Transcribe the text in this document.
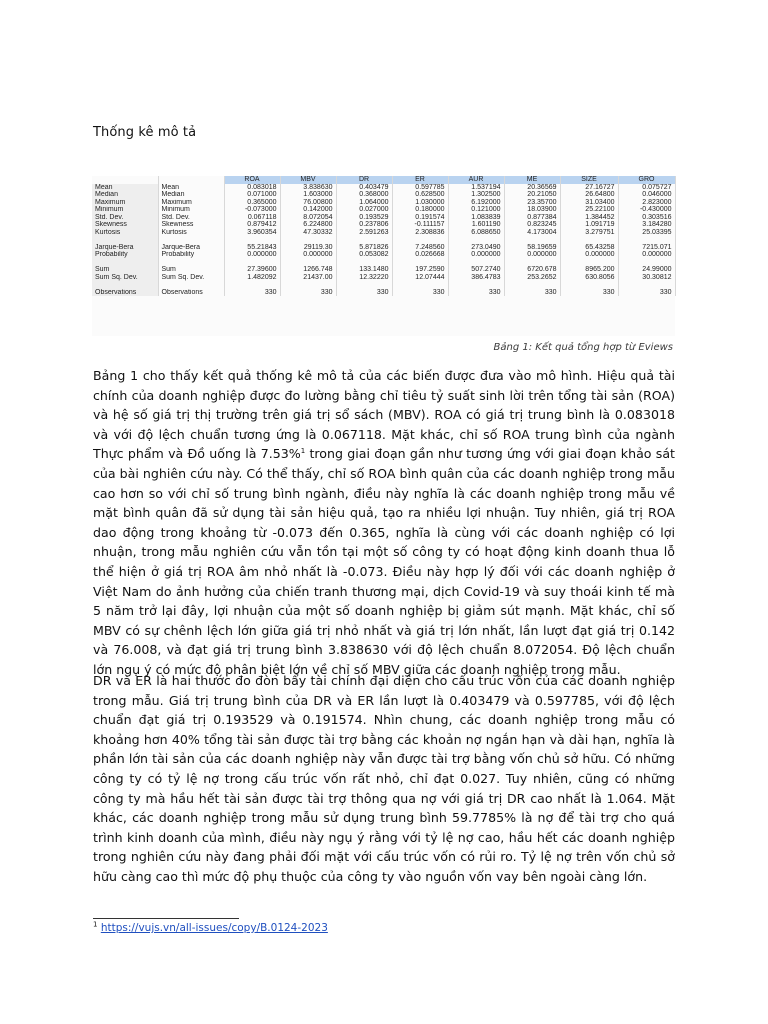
Thống kê mô tả
		ROA	MBV	DR	ER	AUR	ME	SIZE	GRO
Mean	Mean	0.083018	3.838630	0.403479	0.597785	1.537194	20.36569	27.16727	0.075727
Median	Median	0.071000	1.603000	0.368000	0.628500	1.302500	20.21050	26.64800	0.046000
Maximum	Maximum	0.365000	76.00800	1.064000	1.030000	6.192000	23.35700	31.03400	2.823000
Minimum	Minimum	-0.073000	0.142000	0.027000	0.180000	0.121000	18.03900	25.22100	-0.430000
Std. Dev.	Std. Dev.	0.067118	8.072054	0.193529	0.191574	1.083839	0.877384	1.384452	0.303516
Skewness	Skewness	0.879412	6.224800	0.237806	-0.111157	1.601190	0.823245	1.091719	3.184280
Kurtosis	Kurtosis	3.960354	47.30332	2.591263	2.308836	6.088650	4.173004	3.279751	25.03395

Jarque-Bera	Jarque-Bera	55.21843	29119.30	5.871826	7.248560	273.0490	58.19659	65.43258	7215.071
Probability	Probability	0.000000	0.000000	0.053082	0.026668	0.000000	0.000000	0.000000	0.000000

Sum	Sum	27.39600	1266.748	133.1480	197.2590	507.2740	6720.678	8965.200	24.99000
Sum Sq. Dev.	Sum Sq. Dev.	1.482092	21437.00	12.32220	12.07444	386.4783	253.2652	630.8056	30.30812

Observations	Observations	330	330	330	330	330	330	330	330
Bảng 1: Kết quả tổng hợp từ Eviews

Bảng 1 cho thấy kết quả thống kê mô tả của các biến được đưa vào mô hình. Hiệu quả tài chính của doanh nghiệp được đo lường bằng chỉ tiêu tỷ suất sinh lời trên tổng tài sản (ROA) và hệ số giá trị thị trường trên giá trị sổ sách (MBV). ROA có giá trị trung bình là 0.083018 và với độ lệch chuẩn tương ứng là 0.067118. Mặt khác, chỉ số ROA trung bình của ngành Thực phẩm và Đồ uống là 7.53%$^1$ trong giai đoạn gần như tương ứng với giai đoạn khảo sát của bài nghiên cứu này. Có thể thấy, chỉ số ROA bình quân của các doanh nghiệp trong mẫu cao hơn so với chỉ số trung bình ngành, điều này nghĩa là các doanh nghiệp trong mẫu về mặt bình quân đã sử dụng tài sản hiệu quả, tạo ra nhiều lợi nhuận. Tuy nhiên, giá trị ROA dao động trong khoảng từ -0.073 đến 0.365, nghĩa là cùng với các doanh nghiệp có lợi nhuận, trong mẫu nghiên cứu vẫn tồn tại một số công ty có hoạt động kinh doanh thua lỗ thể hiện ở giá trị ROA âm nhỏ nhất là -0.073. Điều này hợp lý đối với các doanh nghiệp ở Việt Nam do ảnh hưởng của chiến tranh thương mại, dịch Covid-19 và suy thoái kinh tế mà 5 năm trở lại đây, lợi nhuận của một số doanh nghiệp bị giảm sút mạnh. Mặt khác, chỉ số MBV có sự chênh lệch lớn giữa giá trị nhỏ nhất và giá trị lớn nhất, lần lượt đạt giá trị 0.142 và 76.008, và đạt giá trị trung bình 3.838630 với độ lệch chuẩn 8.072054. Độ lệch chuẩn lớn ngụ ý có mức độ phân biệt lớn về chỉ số MBV giữa các doanh nghiệp trong mẫu.

DR và ER là hai thước đo đòn bẩy tài chính đại diện cho cấu trúc vốn của các doanh nghiệp trong mẫu. Giá trị trung bình của DR và ER lần lượt là 0.403479 và 0.597785, với độ lệch chuẩn đạt giá trị 0.193529 và 0.191574. Nhìn chung, các doanh nghiệp trong mẫu có khoảng hơn 40% tổng tài sản được tài trợ bằng các khoản nợ ngắn hạn và dài hạn, nghĩa là phần lớn tài sản của các doanh nghiệp này vẫn được tài trợ bằng vốn chủ sở hữu. Có những công ty có tỷ lệ nợ trong cấu trúc vốn rất nhỏ, chỉ đạt 0.027. Tuy nhiên, cũng có những công ty mà hầu hết tài sản được tài trợ thông qua nợ với giá trị DR cao nhất là 1.064. Mặt khác, các doanh nghiệp trong mẫu sử dụng trung bình 59.7785% là nợ để tài trợ cho quá trình kinh doanh của mình, điều này ngụ ý rằng với tỷ lệ nợ cao, hầu hết các doanh nghiệp trong nghiên cứu này đang phải đối mặt với cấu trúc vốn có rủi ro. Tỷ lệ nợ trên vốn chủ sở hữu càng cao thì mức độ phụ thuộc của công ty vào nguồn vốn vay bên ngoài càng lớn.

$^1$ https://vujs.vn/all-issues/copy/B.0124-2023
